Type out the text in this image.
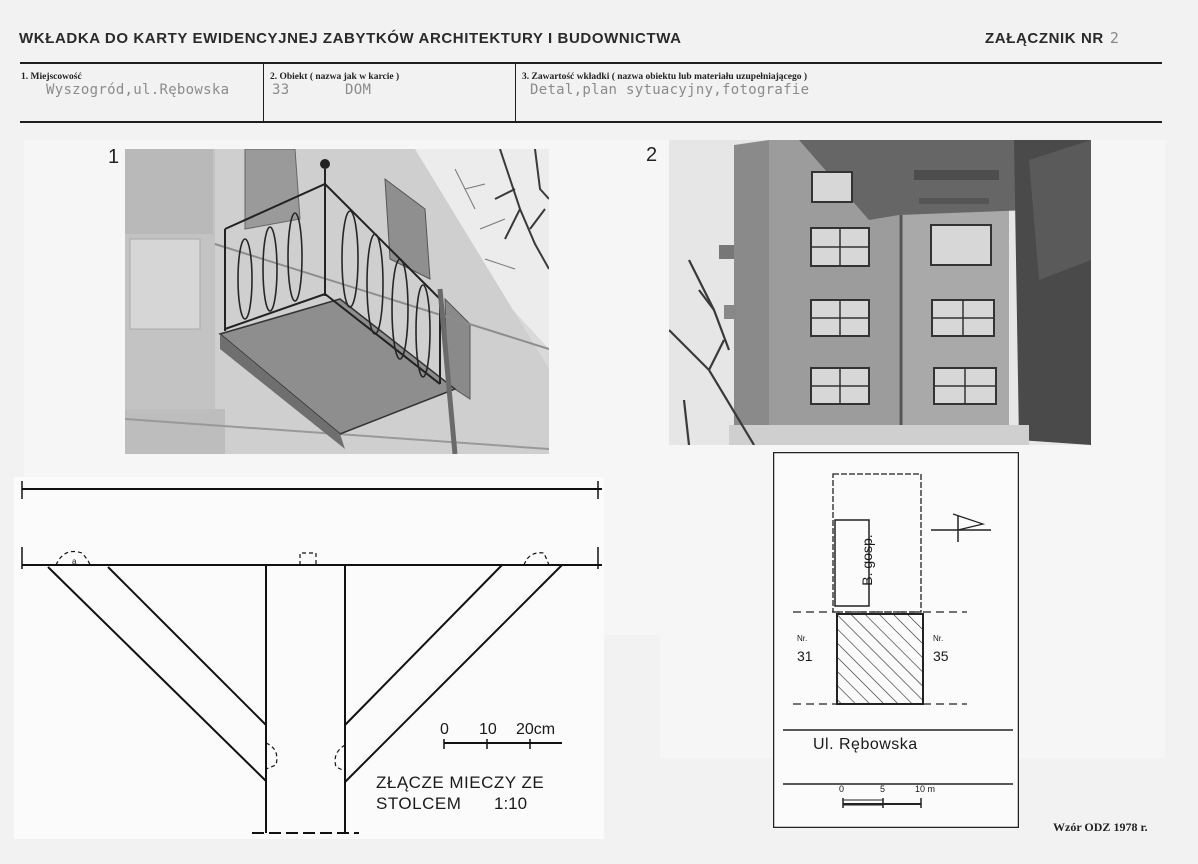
WKŁADKA DO KARTY EWIDENCYJNEJ ZABYTKÓW ARCHITEKTURY I BUDOWNICTWA	ZAŁĄCZNIK NR 2
1. Miejscowość
Wyszogród,ul.Rębowska
2. Obiekt ( nazwa jak w karcie )
33	DOM
3. Zawartość wkładki ( nazwa obiektu lub materiału uzupełniającego )
Detal,plan sytuacyjny,fotografie
1	2
a
0 10 20cm
ZŁĄCZE MIECZY ZE
STOLCEM 1:10
B. gosp.
Nr.
31
Nr.
35
Ul. Rębowska
0	5	10 m
Wzór ODZ 1978 r.
